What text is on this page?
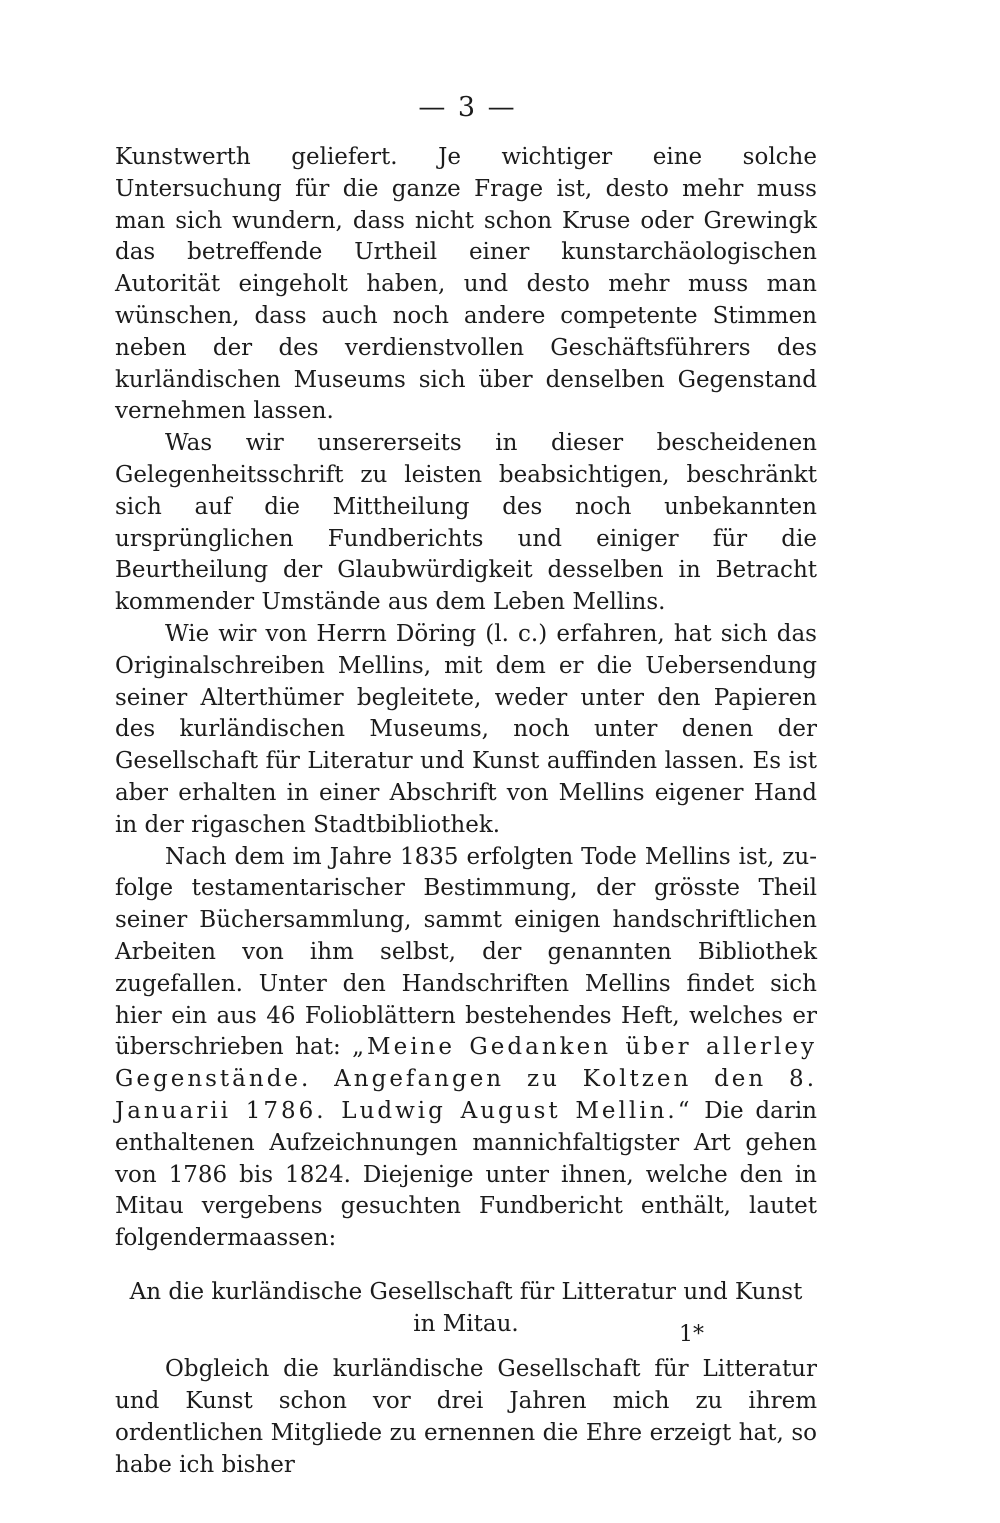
— 3 —

Kunstwerth geliefert. Je wichtiger eine solche Untersuchung für die ganze Frage ist, desto mehr muss man sich wundern, dass nicht schon Kruse oder Grewingk das betreffende Urtheil einer kunstarchäologischen Autorität eingeholt haben, und desto mehr muss man wünschen, dass auch noch andere competente Stimmen neben der des verdienstvollen Geschäftsführers des kurländischen Museums sich über denselben Gegenstand vernehmen lassen.

Was wir unsererseits in dieser bescheidenen Gelegenheitsschrift zu leisten beabsichtigen, beschränkt sich auf die Mittheilung des noch unbekannten ursprünglichen Fundberichts und einiger für die Beurtheilung der Glaubwürdigkeit desselben in Betracht kommender Umstände aus dem Leben Mellins.

Wie wir von Herrn Döring (l. c.) erfahren, hat sich das Originalschreiben Mellins, mit dem er die Uebersendung seiner Alterthümer begleitete, weder unter den Papieren des kurländischen Museums, noch unter denen der Gesellschaft für Literatur und Kunst auffinden lassen. Es ist aber erhalten in einer Abschrift von Mellins eigener Hand in der rigaschen Stadtbibliothek.

Nach dem im Jahre 1835 erfolgten Tode Mellins ist, zufolge testamentarischer Bestimmung, der grösste Theil seiner Büchersammlung, sammt einigen handschriftlichen Arbeiten von ihm selbst, der genannten Bibliothek zugefallen. Unter den Handschriften Mellins findet sich hier ein aus 46 Folioblättern bestehendes Heft, welches er überschrieben hat: „Meine Gedanken über allerley Gegenstände. Angefangen zu Koltzen den 8. Januarii 1786. Ludwig August Mellin.“ Die darin enthaltenen Aufzeichnungen mannichfaltigster Art gehen von 1786 bis 1824. Diejenige unter ihnen, welche den in Mitau vergebens gesuchten Fundbericht enthält, lautet folgendermaassen:

An die kurländische Gesellschaft für Litteratur und Kunst
in Mitau.

Obgleich die kurländische Gesellschaft für Litteratur und Kunst schon vor drei Jahren mich zu ihrem ordentlichen Mitgliede zu ernennen die Ehre erzeigt hat, so habe ich bisher

1*
